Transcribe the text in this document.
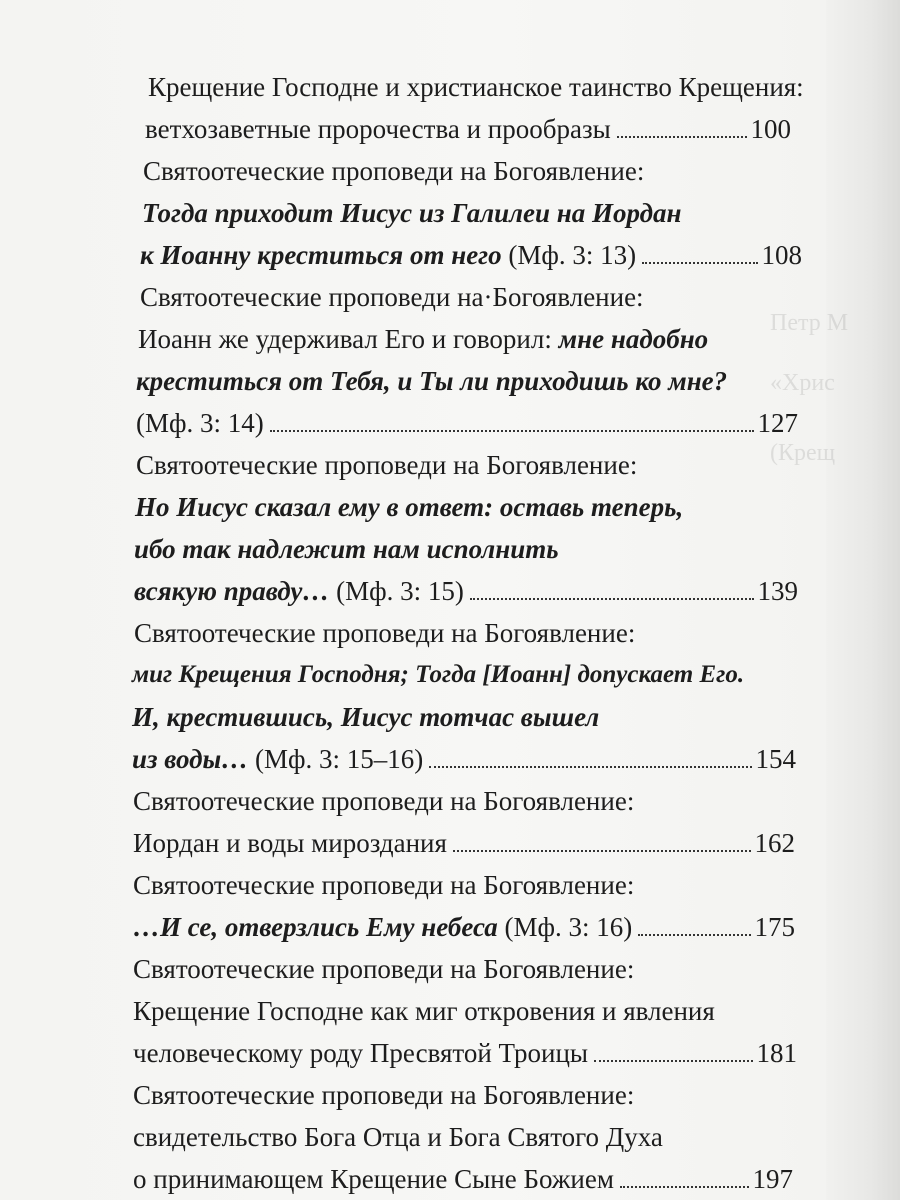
Петр М
«Хрис
(Крещ
Крещение Господне и христианское таинство Крещения:
ветхозаветные пророчества и прообразы	100
Святоотеческие проповеди на Богоявление:
Тогда приходит Иисус из Галилеи на Иордан
к Иоанну креститься от него (Мф. 3: 13)	108
Святоотеческие проповеди на·Богоявление:
Иоанн же удерживал Его и говорил: мне надобно
креститься от Тебя, и Ты ли приходишь ко мне?
(Мф. 3: 14)	127
Святоотеческие проповеди на Богоявление:
Но Иисус сказал ему в ответ: оставь теперь,
ибо так надлежит нам исполнить
всякую правду… (Мф. 3: 15)	139
Святоотеческие проповеди на Богоявление:
миг Крещения Господня; Тогда [Иоанн] допускает Его.
И, крестившись, Иисус тотчас вышел
из воды… (Мф. 3: 15–16)	154
Святоотеческие проповеди на Богоявление:
Иордан и воды мироздания	162
Святоотеческие проповеди на Богоявление:
…И се, отверзлись Ему небеса (Мф. 3: 16)	175
Святоотеческие проповеди на Богоявление:
Крещение Господне как миг откровения и явления
человеческому роду Пресвятой Троицы	181
Святоотеческие проповеди на Богоявление:
свидетельство Бога Отца и Бога Святого Духа
о принимающем Крещение Сыне Божием	197
